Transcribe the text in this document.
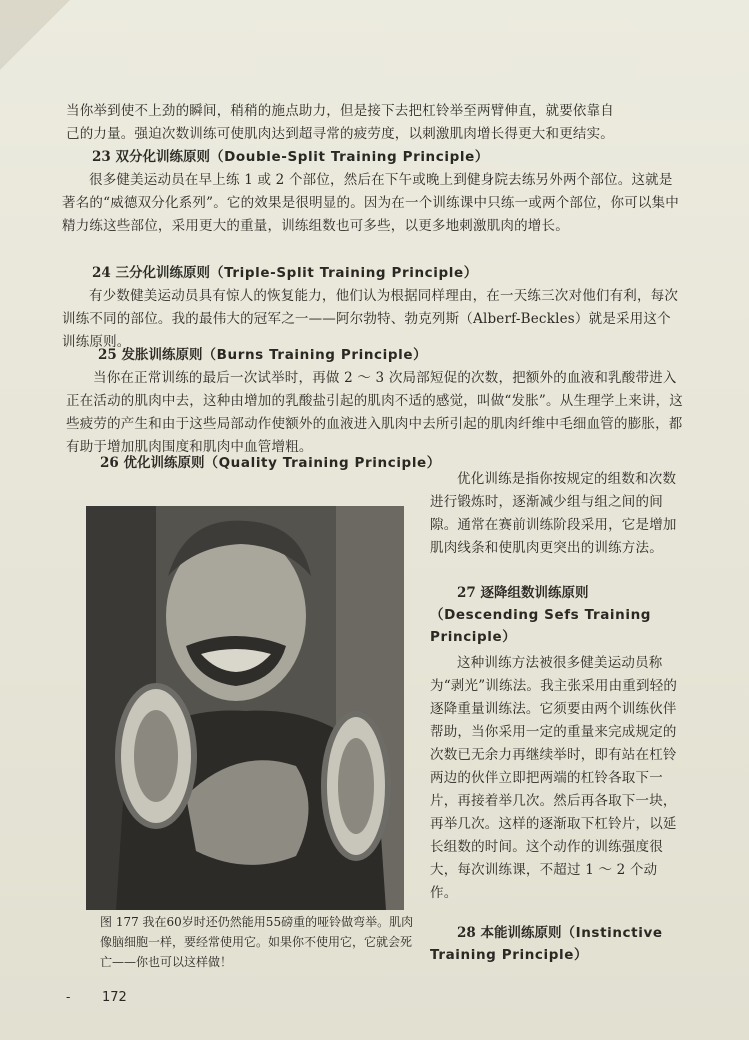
当你举到使不上劲的瞬间，稍稍的施点助力，但是接下去把杠铃举至两臂伸直，就要依靠自

己的力量。强迫次数训练可使肌肉达到超寻常的疲劳度，以刺激肌肉增长得更大和更结实。

23 双分化训练原则（Double-Split Training Principle）

很多健美运动员在早上练 1 或 2 个部位，然后在下午或晚上到健身院去练另外两个部位。这就是著名的“威德双分化系列”。它的效果是很明显的。因为在一个训练课中只练一或两个部位，你可以集中精力练这些部位，采用更大的重量，训练组数也可多些，以更多地刺激肌肉的增长。

24 三分化训练原则（Triple-Split Training Principle）

有少数健美运动员具有惊人的恢复能力，他们认为根据同样理由，在一天练三次对他们有利，每次训练不同的部位。我的最伟大的冠军之一——阿尔勃特、勃克列斯（Alberf-Beckles）就是采用这个训练原则。

25 发胀训练原则（Burns Training Principle）

当你在正常训练的最后一次试举时，再做 2 ～ 3 次局部短促的次数，把额外的血液和乳酸带进入正在活动的肌肉中去，这种由增加的乳酸盐引起的肌肉不适的感觉，叫做“发胀”。从生理学上来讲，这些疲劳的产生和由于这些局部动作使额外的血液进入肌肉中去所引起的肌肉纤维中毛细血管的膨胀，都有助于增加肌肉围度和肌肉中血管增粗。

26 优化训练原则（Quality Training Principle）

优化训练是指你按规定的组数和次数进行锻炼时，逐渐减少组与组之间的间隙。通常在赛前训练阶段采用，它是增加肌肉线条和使肌肉更突出的训练方法。

27 逐降组数训练原则（Descending Sefs Training Principle）

这种训练方法被很多健美运动员称为“剥光”训练法。我主张采用由重到轻的逐降重量训练法。它须要由两个训练伙伴帮助，当你采用一定的重量来完成规定的次数已无余力再继续举时，即有站在杠铃两边的伙伴立即把两端的杠铃各取下一片，再接着举几次。然后再各取下一块，再举几次。这样的逐渐取下杠铃片，以延长组数的时间。这个动作的训练强度很大，每次训练课，不超过 1 ～ 2 个动作。

28 本能训练原则（Instinctive Training Principle）

图 177 我在60岁时还仍然能用55磅重的哑铃做弯举。肌肉像脑细胞一样，要经常使用它。如果你不使用它，它就会死亡——你也可以这样做！

- 172
